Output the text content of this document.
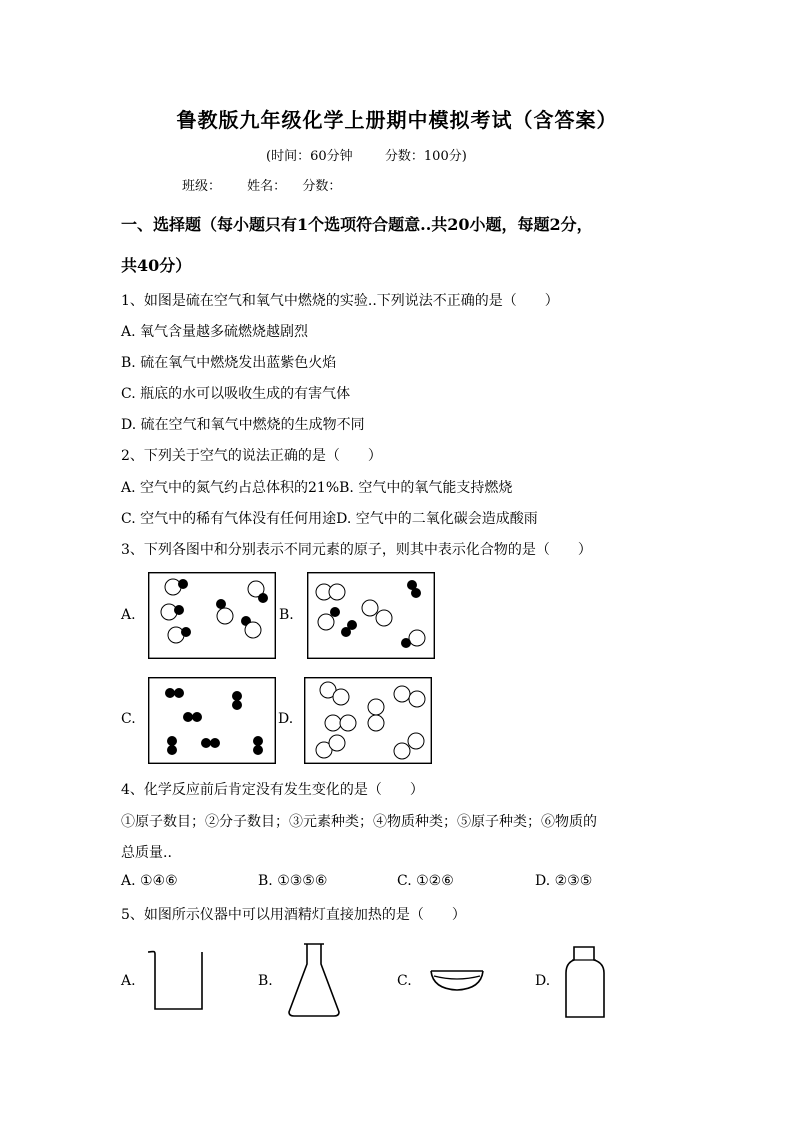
鲁教版九年级化学上册期中模拟考试（含答案）
(时间：60分钟 分数：100分)
班级： 姓名： 分数：
一、选择题（每小题只有1个选项符合题意..共20小题，每题2分，
共40分）
1、如图是硫在空气和氧气中燃烧的实验..下列说法不正确的是（　　）
A. 氧气含量越多硫燃烧越剧烈
B. 硫在氧气中燃烧发出蓝紫色火焰
C. 瓶底的水可以吸收生成的有害气体
D. 硫在空气和氧气中燃烧的生成物不同
2、下列关于空气的说法正确的是（　　）
A. 空气中的氮气约占总体积的21%B. 空气中的氧气能支持燃烧
C. 空气中的稀有气体没有任何用途D. 空气中的二氧化碳会造成酸雨
3、下列各图中和分别表示不同元素的原子，则其中表示化合物的是（　　）
A.	B.
C.	D.
4、化学反应前后肯定没有发生变化的是（　　）
①原子数目；②分子数目；③元素种类；④物质种类；⑤原子种类；⑥物质的
总质量..
A. ①④⑥	B. ①③⑤⑥	C. ①②⑥	D. ②③⑤
5、如图所示仪器中可以用酒精灯直接加热的是（　　）
A.	B.	C.	D.
